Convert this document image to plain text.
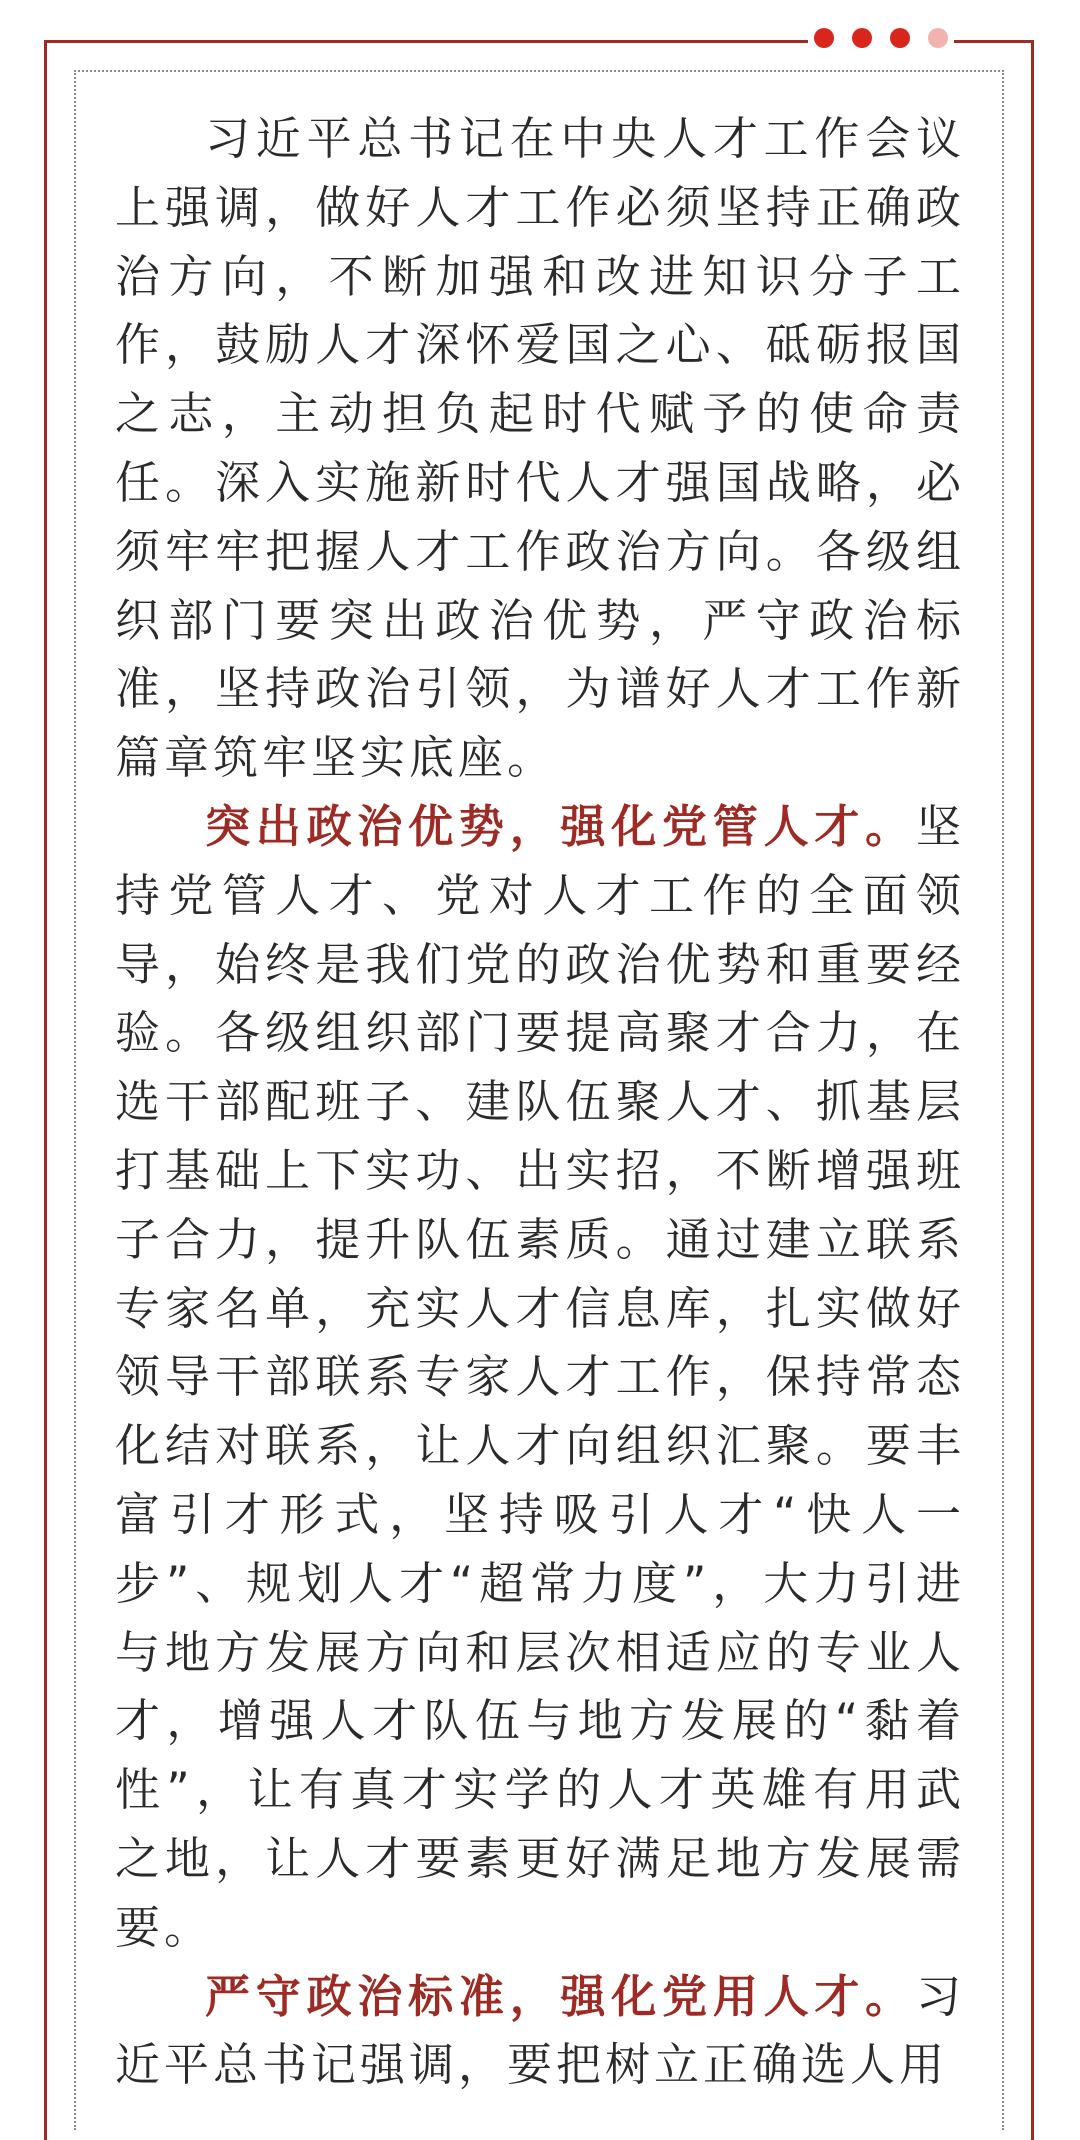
习近平总书记在中央人才工作会议上强调，做好人才工作必须坚持正确政治方向，不断加强和改进知识分子工作，鼓励人才深怀爱国之心、砥砺报国之志，主动担负起时代赋予的使命责任。深入实施新时代人才强国战略，必须牢牢把握人才工作政治方向。各级组织部门要突出政治优势，严守政治标准，坚持政治引领，为谱好人才工作新篇章筑牢坚实底座。

突出政治优势，强化党管人才。坚持党管人才、党对人才工作的全面领导，始终是我们党的政治优势和重要经验。各级组织部门要提高聚才合力，在选干部配班子、建队伍聚人才、抓基层打基础上下实功、出实招，不断增强班子合力，提升队伍素质。通过建立联系专家名单，充实人才信息库，扎实做好领导干部联系专家人才工作，保持常态化结对联系，让人才向组织汇聚。要丰富引才形式，坚持吸引人才“快人一步”、规划人才“超常力度”，大力引进与地方发展方向和层次相适应的专业人才，增强人才队伍与地方发展的“黏着性”，让有真才实学的人才英雄有用武之地，让人才要素更好满足地方发展需要。

严守政治标准，强化党用人才。习近平总书记强调，要把树立正确选人用
